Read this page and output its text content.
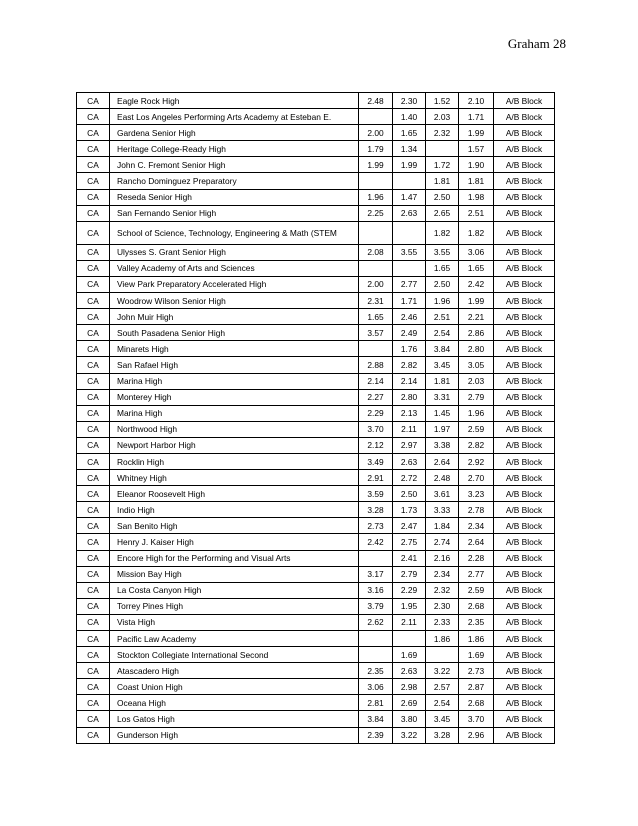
Graham 28
CA	Eagle Rock High	2.48	2.30	1.52	2.10	A/B Block
CA	East Los Angeles Performing Arts Academy at Esteban E.		1.40	2.03	1.71	A/B Block
CA	Gardena Senior High	2.00	1.65	2.32	1.99	A/B Block
CA	Heritage College-Ready High	1.79	1.34		1.57	A/B Block
CA	John C. Fremont Senior High	1.99	1.99	1.72	1.90	A/B Block
CA	Rancho Dominguez Preparatory			1.81	1.81	A/B Block
CA	Reseda Senior High	1.96	1.47	2.50	1.98	A/B Block
CA	San Fernando Senior High	2.25	2.63	2.65	2.51	A/B Block
CA	School of Science, Technology, Engineering & Math (STEM			1.82	1.82	A/B Block
CA	Ulysses S. Grant Senior High	2.08	3.55	3.55	3.06	A/B Block
CA	Valley Academy of Arts and Sciences			1.65	1.65	A/B Block
CA	View Park Preparatory Accelerated High	2.00	2.77	2.50	2.42	A/B Block
CA	Woodrow Wilson Senior High	2.31	1.71	1.96	1.99	A/B Block
CA	John Muir High	1.65	2.46	2.51	2.21	A/B Block
CA	South Pasadena Senior High	3.57	2.49	2.54	2.86	A/B Block
CA	Minarets High		1.76	3.84	2.80	A/B Block
CA	San Rafael High	2.88	2.82	3.45	3.05	A/B Block
CA	Marina High	2.14	2.14	1.81	2.03	A/B Block
CA	Monterey High	2.27	2.80	3.31	2.79	A/B Block
CA	Marina High	2.29	2.13	1.45	1.96	A/B Block
CA	Northwood High	3.70	2.11	1.97	2.59	A/B Block
CA	Newport Harbor High	2.12	2.97	3.38	2.82	A/B Block
CA	Rocklin High	3.49	2.63	2.64	2.92	A/B Block
CA	Whitney High	2.91	2.72	2.48	2.70	A/B Block
CA	Eleanor Roosevelt High	3.59	2.50	3.61	3.23	A/B Block
CA	Indio High	3.28	1.73	3.33	2.78	A/B Block
CA	San Benito High	2.73	2.47	1.84	2.34	A/B Block
CA	Henry J. Kaiser High	2.42	2.75	2.74	2.64	A/B Block
CA	Encore High for the Performing and Visual Arts		2.41	2.16	2.28	A/B Block
CA	Mission Bay High	3.17	2.79	2.34	2.77	A/B Block
CA	La Costa Canyon High	3.16	2.29	2.32	2.59	A/B Block
CA	Torrey Pines High	3.79	1.95	2.30	2.68	A/B Block
CA	Vista High	2.62	2.11	2.33	2.35	A/B Block
CA	Pacific Law Academy			1.86	1.86	A/B Block
CA	Stockton Collegiate International Second		1.69		1.69	A/B Block
CA	Atascadero High	2.35	2.63	3.22	2.73	A/B Block
CA	Coast Union High	3.06	2.98	2.57	2.87	A/B Block
CA	Oceana High	2.81	2.69	2.54	2.68	A/B Block
CA	Los Gatos High	3.84	3.80	3.45	3.70	A/B Block
CA	Gunderson High	2.39	3.22	3.28	2.96	A/B Block
